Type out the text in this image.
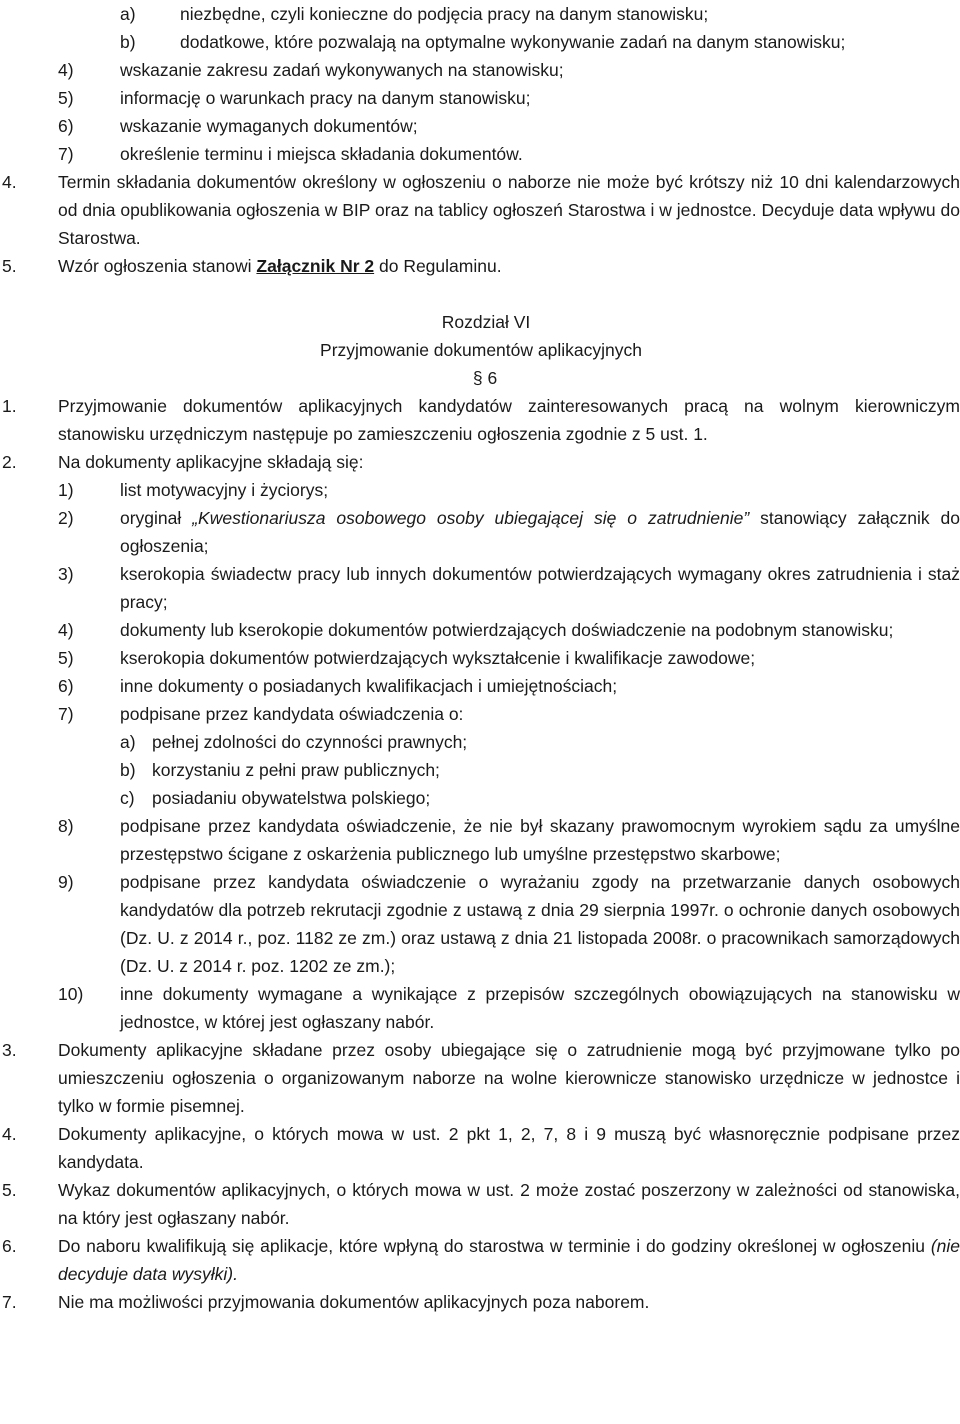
a)	niezbędne, czyli konieczne do podjęcia pracy na danym stanowisku;
b)	dodatkowe, które pozwalają na optymalne wykonywanie zadań na danym stanowisku;
4)	wskazanie zakresu zadań wykonywanych na stanowisku;
5)	informację o warunkach pracy na danym stanowisku;
6)	wskazanie wymaganych dokumentów;
7)	określenie terminu i miejsca składania dokumentów.
4.	Termin składania dokumentów określony w ogłoszeniu o naborze nie może być krótszy niż 10 dni kalendarzowych od dnia opublikowania ogłoszenia w BIP oraz na tablicy ogłoszeń Starostwa i w jednostce. Decyduje data wpływu do Starostwa.
5.	Wzór ogłoszenia stanowi Załącznik Nr 2 do Regulaminu.
Rozdział VI
Przyjmowanie dokumentów aplikacyjnych
§ 6
1.	Przyjmowanie dokumentów aplikacyjnych kandydatów zainteresowanych pracą na wolnym kierowniczym stanowisku urzędniczym następuje po zamieszczeniu ogłoszenia zgodnie z 5 ust. 1.
2.	Na dokumenty aplikacyjne składają się:
1)	list motywacyjny i życiorys;
2)	oryginał „Kwestionariusza osobowego osoby ubiegającej się o zatrudnienie” stanowiący załącznik do ogłoszenia;
3)	kserokopia świadectw pracy lub innych dokumentów potwierdzających wymagany okres zatrudnienia i staż pracy;
4)	dokumenty lub kserokopie dokumentów potwierdzających doświadczenie na podobnym stanowisku;
5)	kserokopia dokumentów potwierdzających wykształcenie i kwalifikacje zawodowe;
6)	inne dokumenty o posiadanych kwalifikacjach i umiejętnościach;
7)	podpisane przez kandydata oświadczenia o:
a) pełnej zdolności do czynności prawnych;
b) korzystaniu z pełni praw publicznych;
c) posiadaniu obywatelstwa polskiego;
8)	podpisane przez kandydata oświadczenie, że nie był skazany prawomocnym wyrokiem sądu za umyślne przestępstwo ścigane z oskarżenia publicznego lub umyślne przestępstwo skarbowe;
9)	podpisane przez kandydata oświadczenie o wyrażaniu zgody na przetwarzanie danych osobowych kandydatów dla potrzeb rekrutacji zgodnie z ustawą z dnia 29 sierpnia 1997r. o ochronie danych osobowych (Dz. U. z 2014 r., poz. 1182 ze zm.) oraz ustawą z dnia 21 listopada 2008r. o pracownikach samorządowych (Dz. U. z 2014 r. poz. 1202 ze zm.);
10)	inne dokumenty wymagane a wynikające z przepisów szczególnych obowiązujących na stanowisku w jednostce, w której jest ogłaszany nabór.
3.	Dokumenty aplikacyjne składane przez osoby ubiegające się o zatrudnienie mogą być przyjmowane tylko po umieszczeniu ogłoszenia o organizowanym naborze na wolne kierownicze stanowisko urzędnicze w jednostce i tylko w formie pisemnej.
4.	Dokumenty aplikacyjne, o których mowa w ust. 2 pkt 1, 2, 7, 8 i 9 muszą być własnoręcznie podpisane przez kandydata.
5.	Wykaz dokumentów aplikacyjnych, o których mowa w ust. 2 może zostać poszerzony w zależności od stanowiska, na który jest ogłaszany nabór.
6.	Do naboru kwalifikują się aplikacje, które wpłyną do starostwa w terminie i do godziny określonej w ogłoszeniu (nie decyduje data wysyłki).
7.	Nie ma możliwości przyjmowania dokumentów aplikacyjnych poza naborem.
